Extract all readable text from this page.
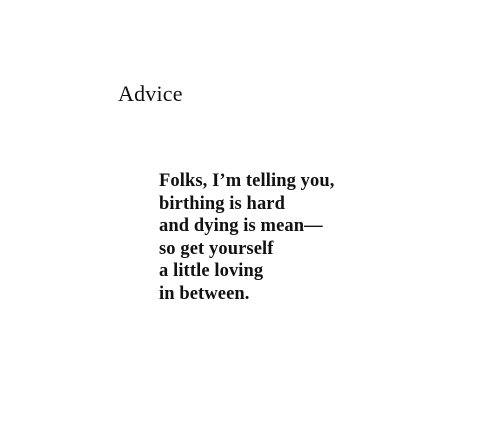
Advice
Folks, I’m telling you,
birthing is hard
and dying is mean—
so get yourself
a little loving
in between.
